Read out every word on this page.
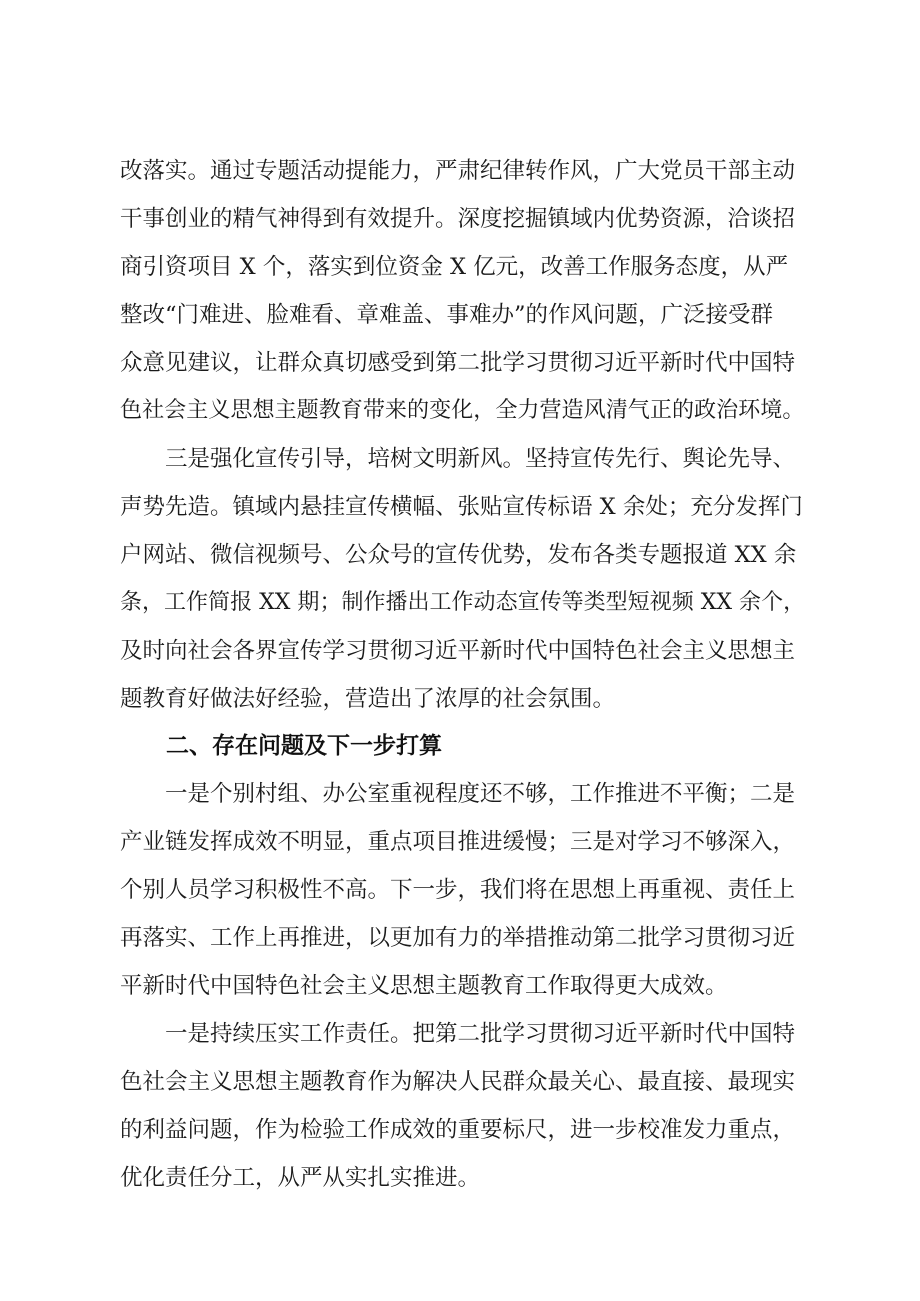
改落实。通过专题活动提能力，严肃纪律转作风，广大党员干部主动
干事创业的精气神得到有效提升。深度挖掘镇域内优势资源，洽谈招
商引资项目 X 个，落实到位资金 X 亿元，改善工作服务态度，从严
整改“门难进、脸难看、章难盖、事难办”的作风问题，广泛接受群
众意见建议，让群众真切感受到第二批学习贯彻习近平新时代中国特
色社会主义思想主题教育带来的变化，全力营造风清气正的政治环境。
　　三是强化宣传引导，培树文明新风。坚持宣传先行、舆论先导、
声势先造。镇域内悬挂宣传横幅、张贴宣传标语 X 余处；充分发挥门
户网站、微信视频号、公众号的宣传优势，发布各类专题报道 XX 余
条，工作简报 XX 期；制作播出工作动态宣传等类型短视频 XX 余个，
及时向社会各界宣传学习贯彻习近平新时代中国特色社会主义思想主
题教育好做法好经验，营造出了浓厚的社会氛围。
　　二、存在问题及下一步打算
　　一是个别村组、办公室重视程度还不够，工作推进不平衡；二是
产业链发挥成效不明显，重点项目推进缓慢；三是对学习不够深入，
个别人员学习积极性不高。下一步，我们将在思想上再重视、责任上
再落实、工作上再推进，以更加有力的举措推动第二批学习贯彻习近
平新时代中国特色社会主义思想主题教育工作取得更大成效。
　　一是持续压实工作责任。把第二批学习贯彻习近平新时代中国特
色社会主义思想主题教育作为解决人民群众最关心、最直接、最现实
的利益问题，作为检验工作成效的重要标尺，进一步校准发力重点，
优化责任分工，从严从实扎实推进。
